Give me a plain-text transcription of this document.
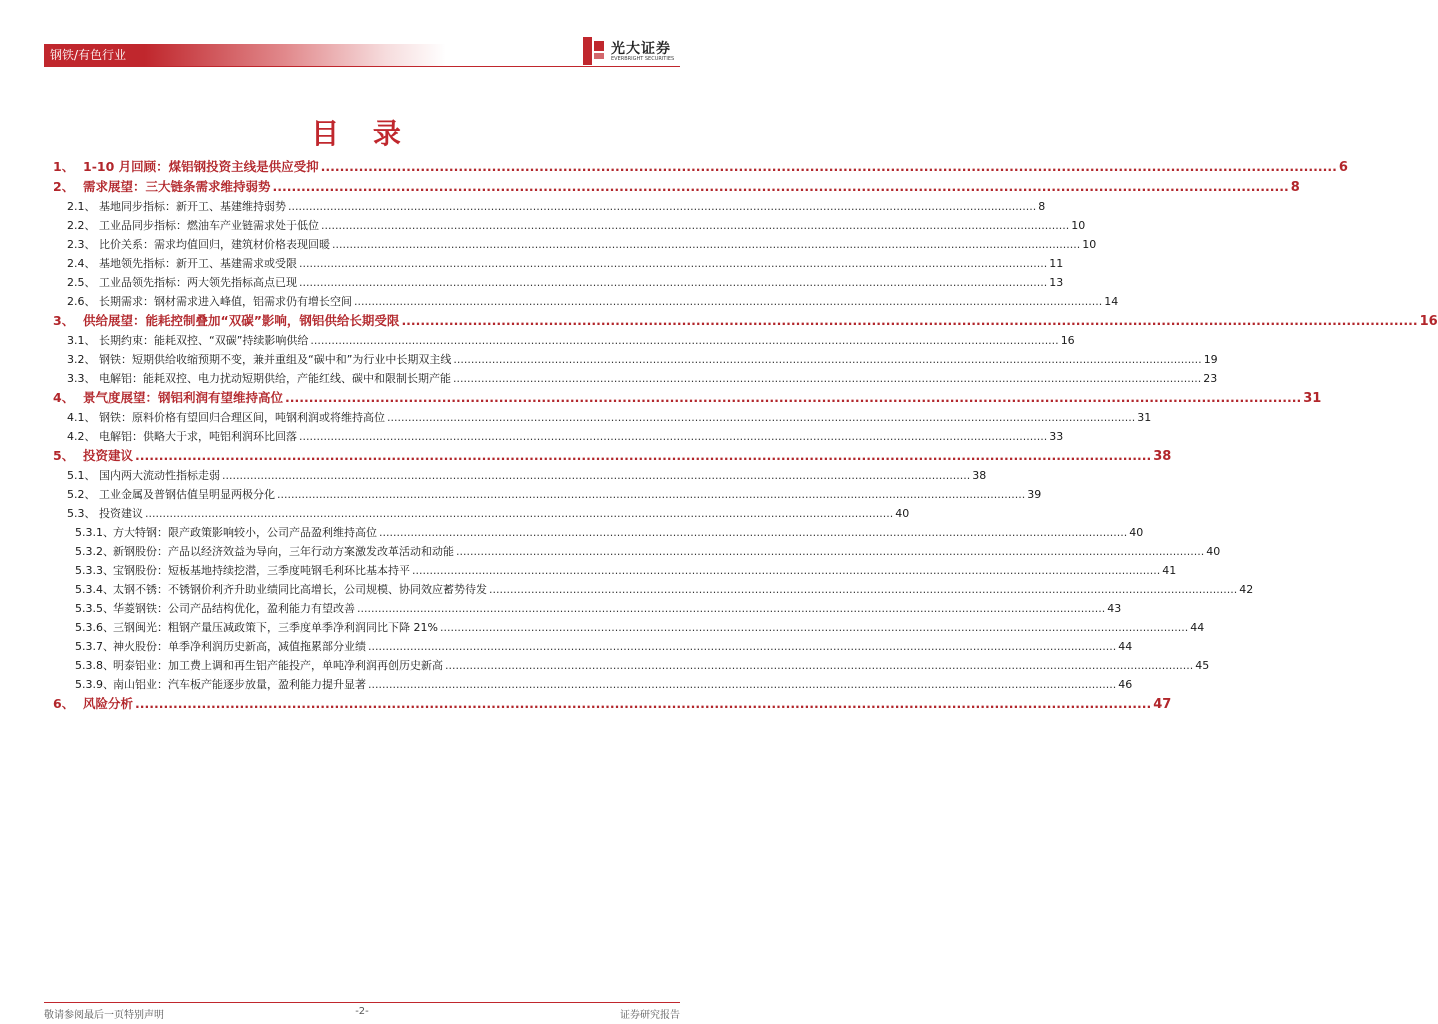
钢铁/有色行业	光大证券
EVERBRIGHT SECURITIES
目 录
1、 1-10 月回顾：煤铝钢投资主线是供应受抑 .....	6
2、 需求展望：三大链条需求维持弱势 .....	8
2.1、 基地同步指标：新开工、基建维持弱势 .....	8
2.2、 工业品同步指标：燃油车产业链需求处于低位 .....	10
2.3、 比价关系：需求均值回归，建筑材价格表现回暖 .....	10
2.4、 基地领先指标：新开工、基建需求或受限 .....	11
2.5、 工业品领先指标：两大领先指标高点已现 .....	13
2.6、 长期需求：钢材需求进入峰值，铝需求仍有增长空间 .....	14
3、 供给展望：能耗控制叠加“双碳”影响，钢铝供给长期受限 .....	16
3.1、 长期约束：能耗双控、“双碳”持续影响供给 .....	16
3.2、 钢铁：短期供给收缩预期不变，兼并重组及“碳中和”为行业中长期双主线 .....	19
3.3、 电解铝：能耗双控、电力扰动短期供给，产能红线、碳中和限制长期产能 .....	23
4、 景气度展望：钢铝利润有望维持高位 .....	31
4.1、 钢铁：原料价格有望回归合理区间，吨钢利润或将维持高位 .....	31
4.2、 电解铝：供略大于求，吨铝利润环比回落 .....	33
5、 投资建议 .....	38
5.1、 国内两大流动性指标走弱 .....	38
5.2、 工业金属及普钢估值呈明显两极分化 .....	39
5.3、 投资建议 .....	40
5.3.1、 方大特钢：限产政策影响较小，公司产品盈利维持高位 .....	40
5.3.2、 新钢股份：产品以经济效益为导向，三年行动方案激发改革活动和动能 .....	40
5.3.3、 宝钢股份：短板基地持续挖潜，三季度吨钢毛利环比基本持平 .....	41
5.3.4、 太钢不锈：不锈钢价利齐升助业绩同比高增长，公司规模、协同效应蓄势待发 .....	42
5.3.5、 华菱钢铁：公司产品结构优化，盈利能力有望改善 .....	43
5.3.6、 三钢闽光：粗钢产量压减政策下，三季度单季净利润同比下降 21% .....	44
5.3.7、 神火股份：单季净利润历史新高，减值拖累部分业绩 .....	44
5.3.8、 明泰铝业：加工费上调和再生铝产能投产，单吨净利润再创历史新高 .....	45
5.3.9、 南山铝业：汽车板产能逐步放量，盈利能力提升显著 .....	46
6、 风险分析 .....	47
敬请参阅最后一页特别声明	-2-	证券研究报告
